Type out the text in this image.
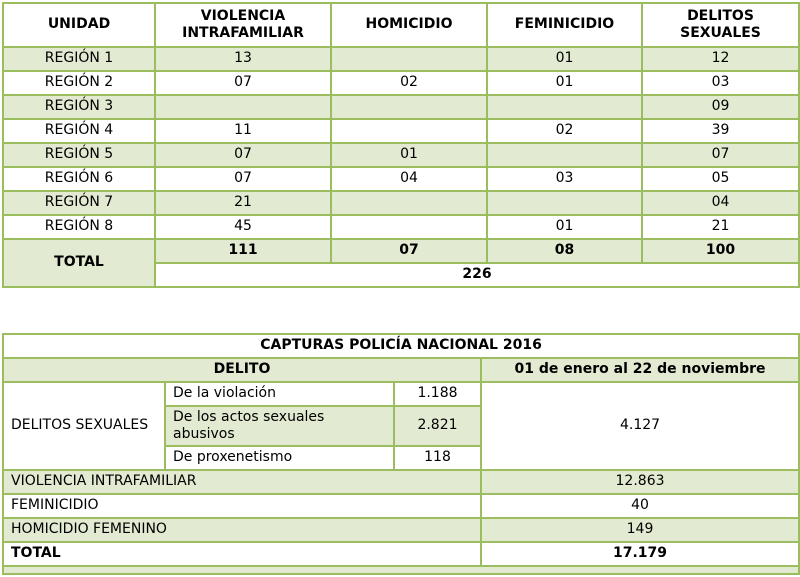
UNIDAD	VIOLENCIA INTRAFAMILIAR	HOMICIDIO	FEMINICIDIO	DELITOS SEXUALES
REGIÓN 1	13		01	12
REGIÓN 2	07	02	01	03
REGIÓN 3				09
REGIÓN 4	11		02	39
REGIÓN 5	07	01		07
REGIÓN 6	07	04	03	05
REGIÓN 7	21			04
REGIÓN 8	45		01	21
TOTAL	111	07	08	100
	226			
CAPTURAS POLICÍA NACIONAL 2016			
DELITO			01 de enero al 22 de noviembre
DELITOS SEXUALES	De la violación	1.188	4.127
	De los actos sexuales abusivos	2.821	
	De proxenetismo	118	
VIOLENCIA INTRAFAMILIAR			12.863
FEMINICIDIO			40
HOMICIDIO FEMENINO			149
TOTAL			17.179
